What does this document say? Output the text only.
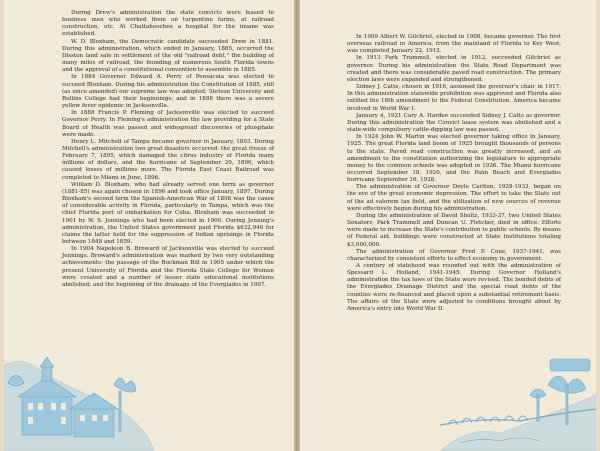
During Drew's administration the state convicts were leased to business men who worked them on turpentine farms, at railroad construction, etc. At Chattahoochee a hospital for the insane was established.

W. D. Bloxham, the Democratic candidate succeeded Drew in 1881. During this administration, which ended in January, 1885, occurred the Disston land sale in settlement of the old "railroad debt," the building of many miles of railroad, the founding of numerous South Florida towns and the approval of a constitutional convention to assemble in 1885.

In 1884 Governor Edward A. Perry of Pensacola was elected to succeed Bloxham. During his administration the Constitution of 1885, still (as since amended) our supreme law was adopted; Stetson University and Rollins College had their beginnings; and in 1888 there was a severe yellow fever epidemic in Jacksonville.

In 1888 Francis P. Fleming of Jacksonville was elected to succeed Governor Perry. In Fleming's administration the law providing for a State Board of Health was passed and widespread discoveries of phosphate were made.

Henry L. Mitchell of Tampa became governor in January, 1893. During Mitchell's administration two great disasters occurred: the great freeze of February 7, 1895, which damaged the citrus industry of Florida many millions of dollars, and the hurricane of September 29, 1896, which caused losses of millions more. The Florida East Coast Railroad was completed to Miami in June, 1896.

William D. Bloxham, who had already served one term as governor (1881-85) was again chosen in 1896 and took office January, 1897. During Bloxham's second term the Spanish-American War of 1898 was the cause of considerable activity in Florida, particularly in Tampa, which was the chief Florida port of embarkation for Cuba. Bloxham was succeeded in 1901 by W. S. Jennings who had been elected in 1900. During Jenning's administration, the United States government paid Florida $632,946 for claims the latter held for the suppression of Indian uprisings in Florida between 1848 and 1859.

In 1904 Napoleon B. Broward of Jacksonville was elected to succeed Jennings. Broward's administration was marked by two very outstanding achievements: the passage of the Buckman Bill in 1905 under which the present University of Florida and the Florida State College for Women were created and a number of lesser state educational institutions abolished; and the beginning of the drainage of the Everglades in 1907.

In 1909 Albert W. Gilchrist, elected in 1908, became governor. The first overseas railroad in America, from the mainland of Florida to Key West, was completed January 22, 1912.

In 1913 Park Trammell, elected in 1912, succeeded Gilchrist as governor. During his administration the State Road Department was created and there was considerable paved road construction. The primary election laws were expanded and strengthened.

Sidney J. Catts, chosen in 1916, assumed the governor's chair in 1917. In this administration statewide prohibition was approved and Florida also ratified the 18th amendment to the Federal Constitution. America became involved in World War I.

January 4, 1921 Cary A. Hardee succeeded Sidney J. Catts as governor. During this administration the Convict lease system was abolished and a state-wide compulsory cattle-dipping law was passed.

In 1924 John W. Martin was elected governor taking office in January, 1925. The great Florida land boom of 1925 brought thousands of persons to the state. Paved road construction was greatly increased, and an amendment to the constitution authorizing the legislature to appropriate money to the common schools was adopted in 1926. The Miami hurricane occurred September 18, 1926, and the Palm Beach and Everglades hurricane September 16, 1928.

The administration of Governor Doyle Carlton, 1929-1933, began on the eve of the great economic depression. The effort to take the State out of the ad valorem tax field, and the utilization of new sources of revenue were effectively begun during his administration.

During the administration of David Sholtz, 1933-37, two United States Senators, Park Trammell and Duncan U. Fletcher, died in office. Efforts were made to increase the State's contribution to public schools. By means of Federal aid, buildings were constructed at State Institutions totaling $3,000,000.

The administration of Governor Fred P. Cone, 1937-1941, was characterized by consistent efforts to effect economy in government.

A century of statehood was rounded out with the administration of Spessard L. Holland, 1941-1945. During Governor Holland's administration the tax laws of the State were revised. The bonded debts of the Everglades Drainage District and the special road debts of the counties were re-financed and placed upon a substantial retirement basis. The affairs of the State were adjusted to conditions brought about by America's entry into World War II.
